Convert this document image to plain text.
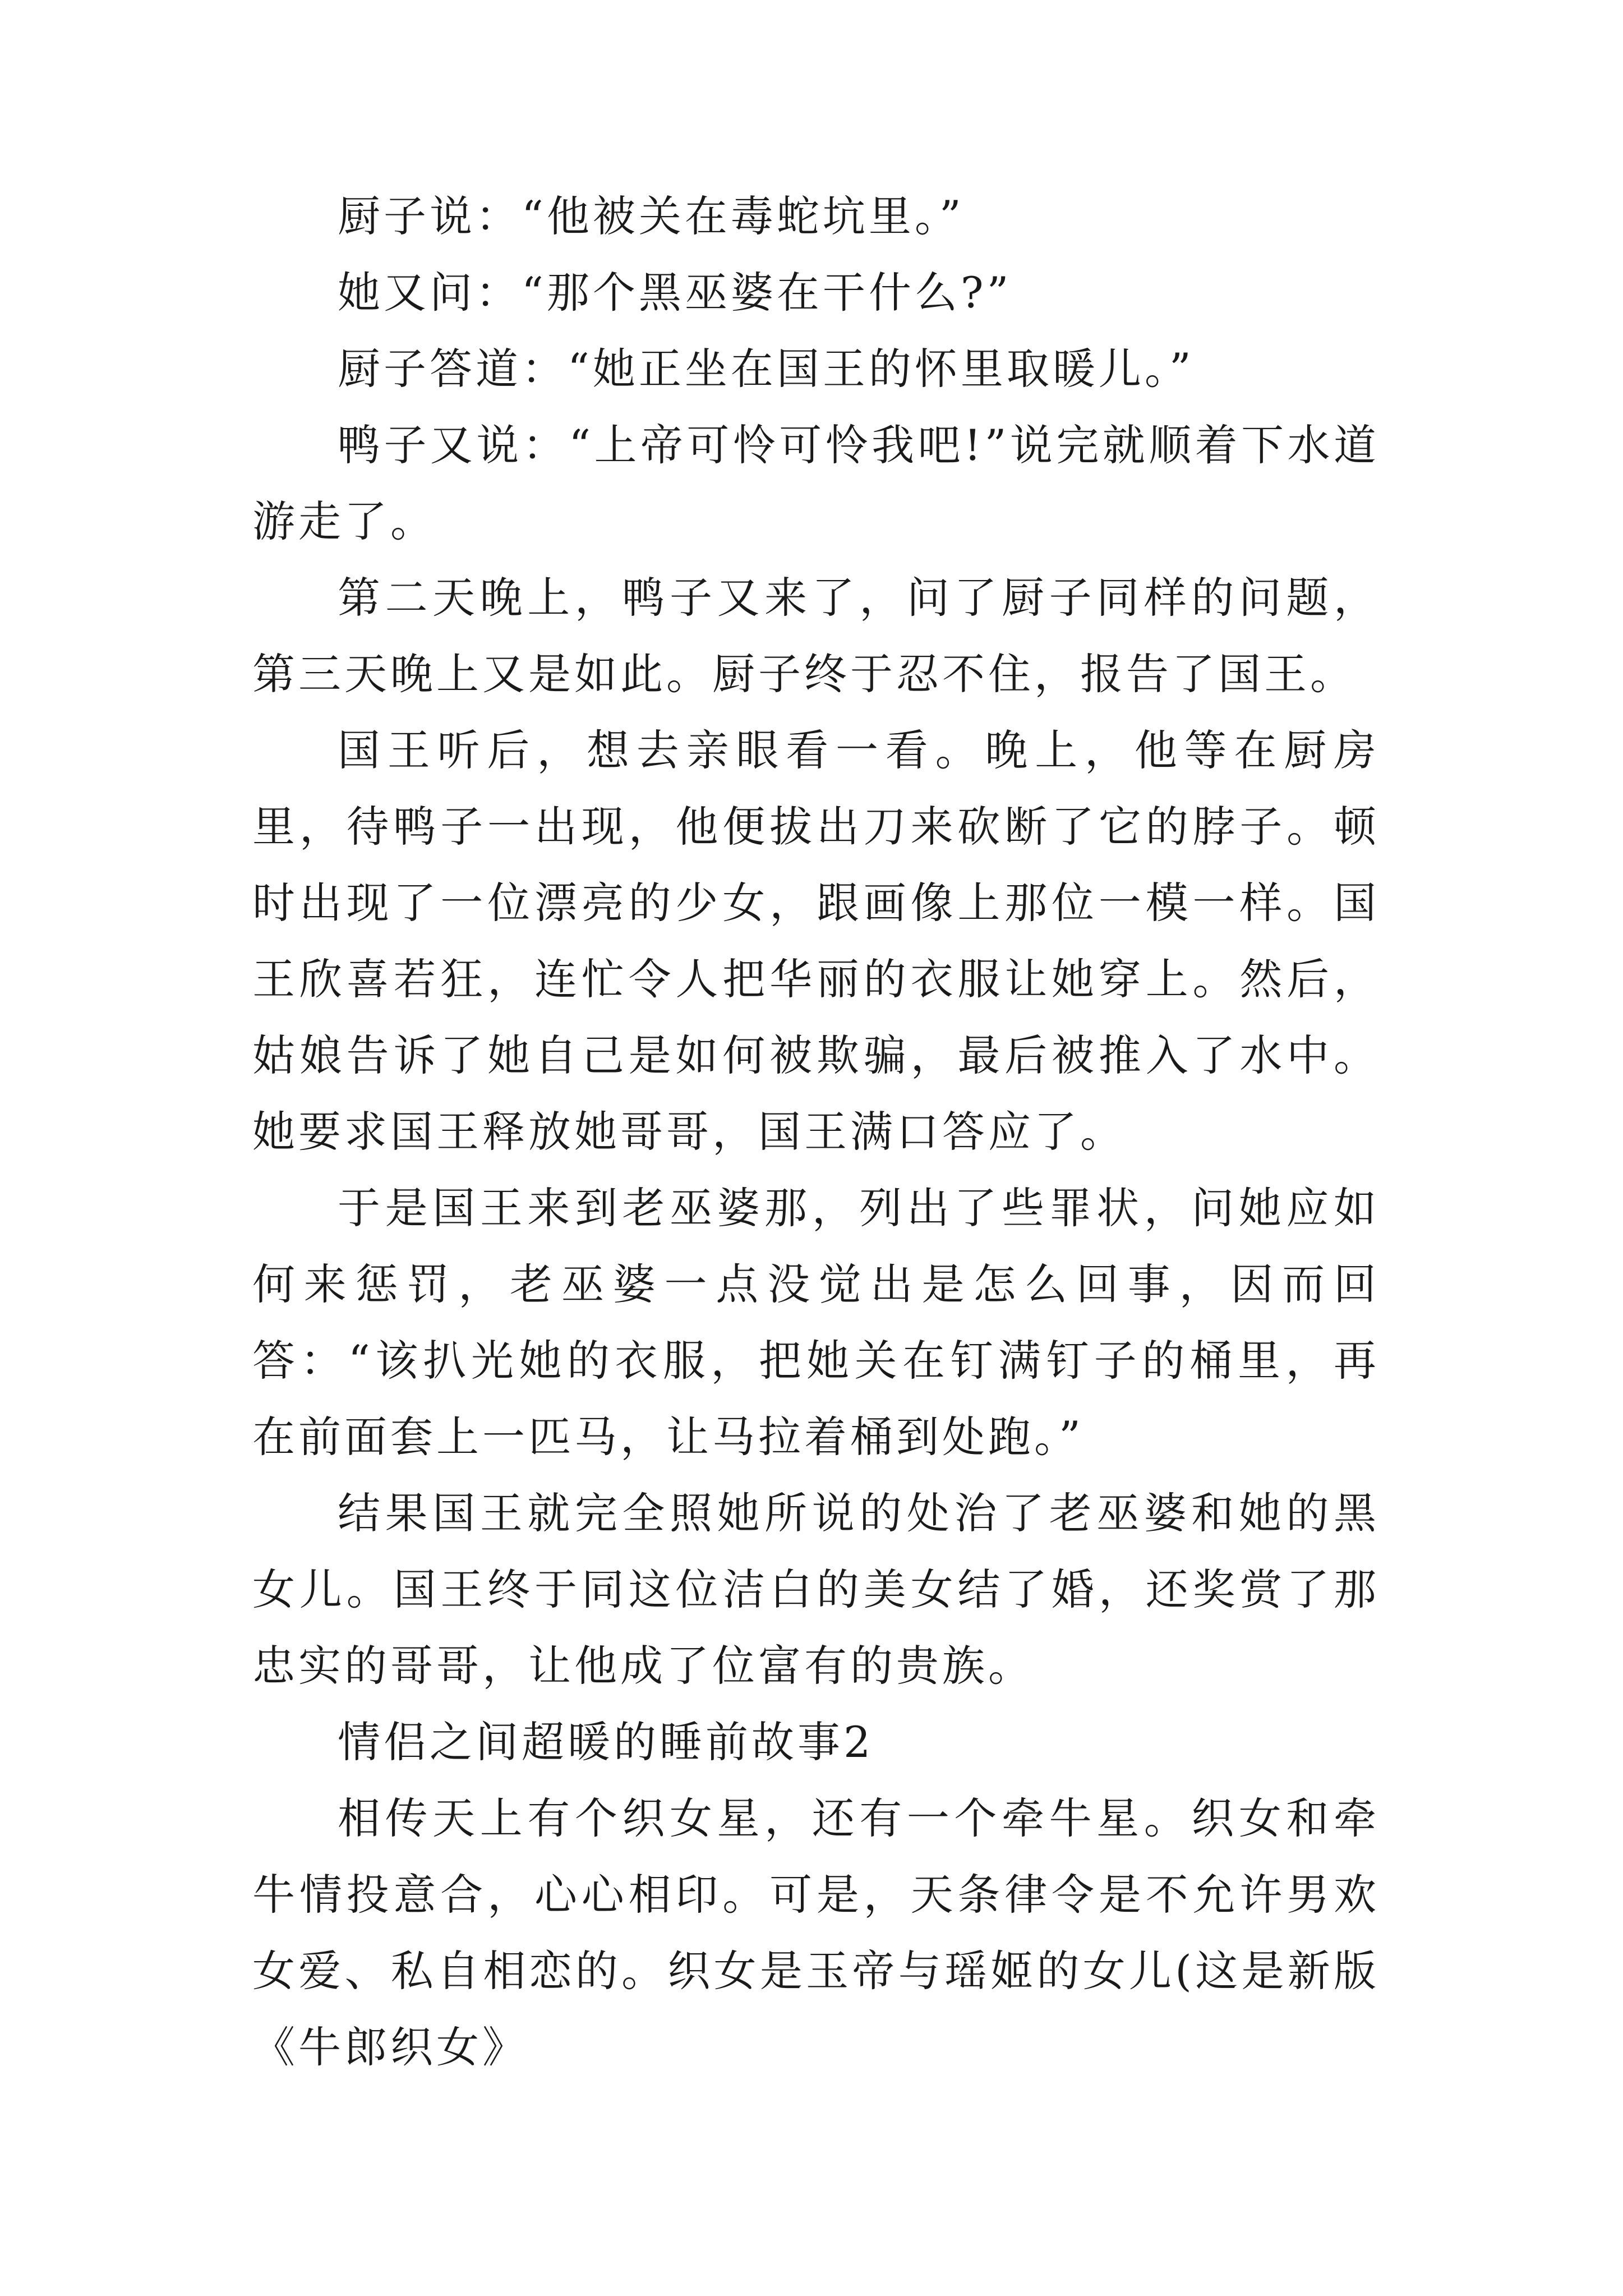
厨子说：“他被关在毒蛇坑里。”

她又问：“那个黑巫婆在干什么?”

厨子答道：“她正坐在国王的怀里取暖儿。”

鸭子又说：“上帝可怜可怜我吧!”说完就顺着下水道游走了。

第二天晚上，鸭子又来了，问了厨子同样的问题，第三天晚上又是如此。厨子终于忍不住，报告了国王。

国王听后，想去亲眼看一看。晚上，他等在厨房里，待鸭子一出现，他便拔出刀来砍断了它的脖子。顿时出现了一位漂亮的少女，跟画像上那位一模一样。国王欣喜若狂，连忙令人把华丽的衣服让她穿上。然后，姑娘告诉了她自己是如何被欺骗，最后被推入了水中。她要求国王释放她哥哥，国王满口答应了。

于是国王来到老巫婆那，列出了些罪状，问她应如何来惩罚，老巫婆一点没觉出是怎么回事，因而回答：“该扒光她的衣服，把她关在钉满钉子的桶里，再在前面套上一匹马，让马拉着桶到处跑。”

结果国王就完全照她所说的处治了老巫婆和她的黑女儿。国王终于同这位洁白的美女结了婚，还奖赏了那忠实的哥哥，让他成了位富有的贵族。

情侣之间超暖的睡前故事2

相传天上有个织女星，还有一个牵牛星。织女和牵牛情投意合，心心相印。可是，天条律令是不允许男欢女爱、私自相恋的。织女是玉帝与瑶姬的女儿(这是新版《牛郎织女》
